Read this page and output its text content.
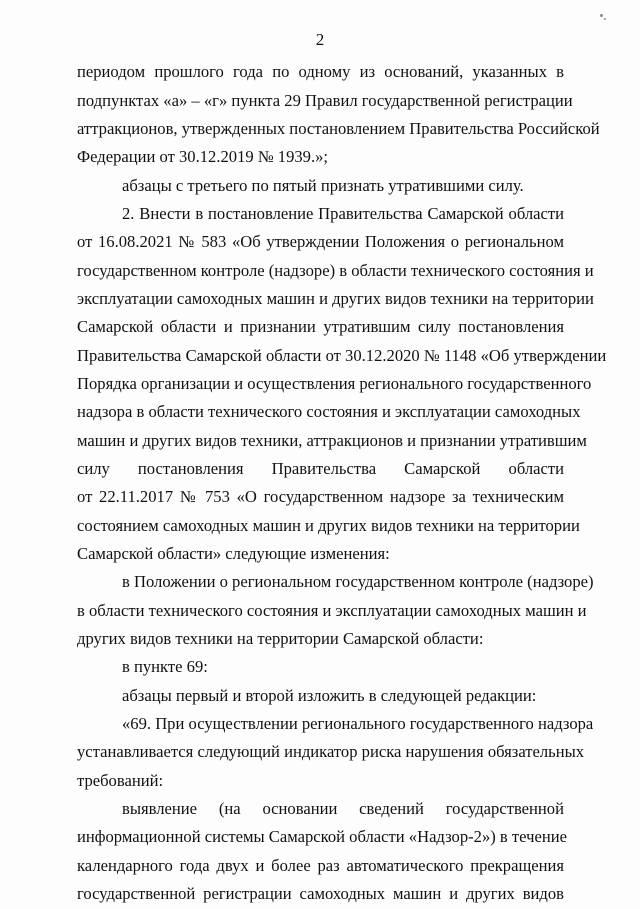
2
периодом прошлого года по одному из оснований, указанных в
подпунктах «а» – «г» пункта 29 Правил государственной регистрации
аттракционов, утвержденных постановлением Правительства Российской
Федерации от 30.12.2019 № 1939.»;
абзацы с третьего по пятый признать утратившими силу.
2. Внести в постановление Правительства Самарской области
от 16.08.2021 № 583 «Об утверждении Положения о региональном
государственном контроле (надзоре) в области технического состояния и
эксплуатации самоходных машин и других видов техники на территории
Самарской области и признании утратившим силу постановления
Правительства Самарской области от 30.12.2020 № 1148 «Об утверждении
Порядка организации и осуществления регионального государственного
надзора в области технического состояния и эксплуатации самоходных
машин и других видов техники, аттракционов и признании утратившим
силу постановления Правительства Самарской области
от 22.11.2017 № 753 «О государственном надзоре за техническим
состоянием самоходных машин и других видов техники на территории
Самарской области» следующие изменения:
в Положении о региональном государственном контроле (надзоре)
в области технического состояния и эксплуатации самоходных машин и
других видов техники на территории Самарской области:
в пункте 69:
абзацы первый и второй изложить в следующей редакции:
«69. При осуществлении регионального государственного надзора
устанавливается следующий индикатор риска нарушения обязательных
требований:
выявление (на основании сведений государственной
информационной системы Самарской области «Надзор-2») в течение
календарного года двух и более раз автоматического прекращения
государственной регистрации самоходных машин и других видов
